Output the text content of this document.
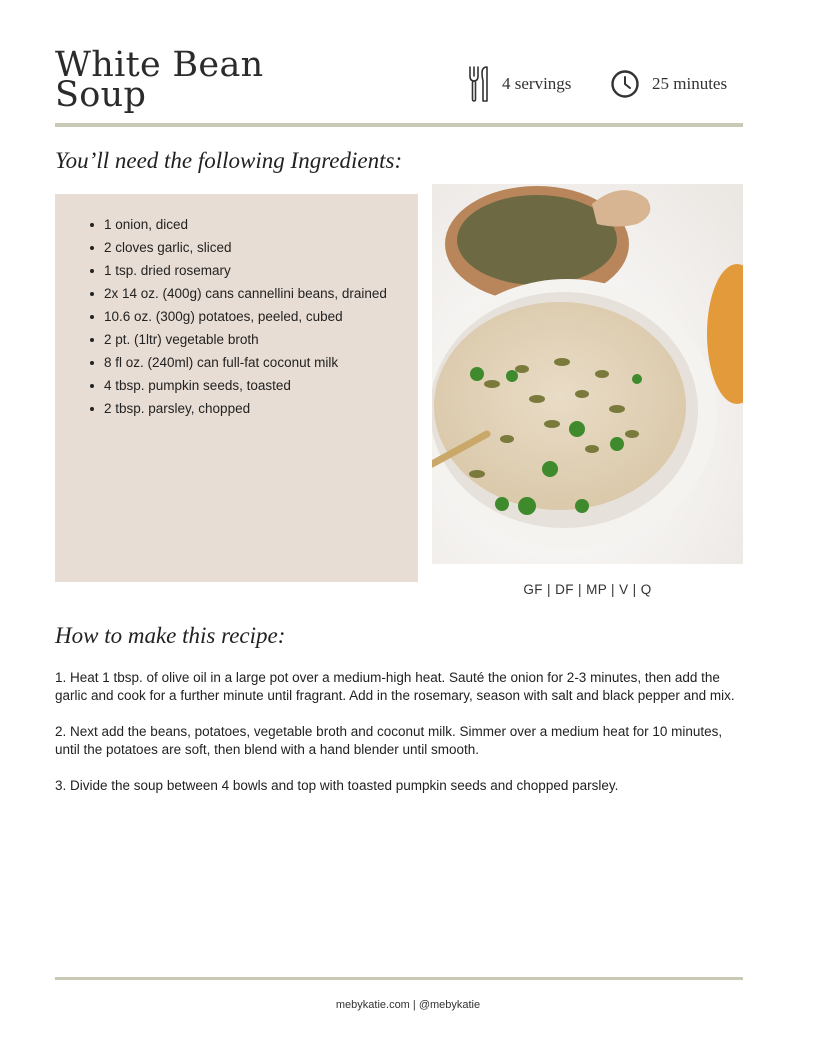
White Bean
Soup	4 servings	25 minutes
You’ll need the following Ingredients:
1 onion, diced
2 cloves garlic, sliced
1 tsp. dried rosemary
2x 14 oz. (400g) cans cannellini beans, drained
10.6 oz. (300g) potatoes, peeled, cubed
2 pt. (1ltr) vegetable broth
8 fl oz. (240ml) can full-fat coconut milk
4 tbsp. pumpkin seeds, toasted
2 tbsp. parsley, chopped
GF | DF | MP | V | Q
How to make this recipe:

1. Heat 1 tbsp. of olive oil in a large pot over a medium-high heat. Sauté the onion for 2-3 minutes, then add the garlic and cook for a further minute until fragrant. Add in the rosemary, season with salt and black pepper and mix.

2. Next add the beans, potatoes, vegetable broth and coconut milk. Simmer over a medium heat for 10 minutes, until the potatoes are soft, then blend with a hand blender until smooth.

3. Divide the soup between 4 bowls and top with toasted pumpkin seeds and chopped parsley.

mebykatie.com | @mebykatie
